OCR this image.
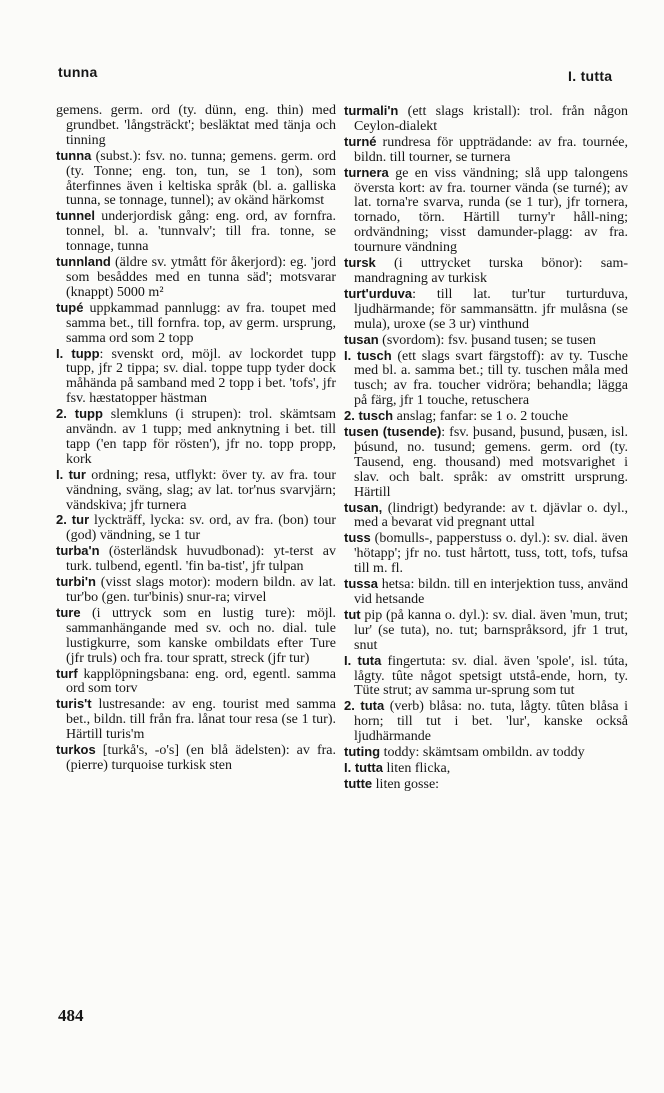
tunna	I. tutta

gemens. germ. ord (ty. dünn, eng. thin) med grundbet. 'långsträckt'; besläktat med tänja och tinning

tunna (subst.): fsv. no. tunna; gemens. germ. ord (ty. Tonne; eng. ton, tun, se 1 ton), som återfinnes även i keltiska språk (bl. a. galliska tunna, se tonnage, tunnel); av okänd härkomst

tunnel underjordisk gång: eng. ord, av fornfra. tonnel, bl. a. 'tunnvalv'; till fra. tonne, se tonnage, tunna

tunnland (äldre sv. ytmått för åkerjord): eg. 'jord som besåddes med en tunna säd'; motsvarar (knappt) 5000 m²

tupé uppkammad pannlugg: av fra. toupet med samma bet., till fornfra. top, av germ. ursprung, samma ord som 2 topp

I. tupp: svenskt ord, möjl. av lockordet tupp tupp, jfr 2 tippa; sv. dial. toppe tupp tyder dock måhända på samband med 2 topp i bet. 'tofs', jfr fsv. hæstatopper hästman

2. tupp slemkluns (i strupen): trol. skämtsam användn. av 1 tupp; med anknytning i bet. till tapp ('en tapp för rösten'), jfr no. topp propp, kork

I. tur ordning; resa, utflykt: över ty. av fra. tour vändning, sväng, slag; av lat. tor'nus svarvjärn; vändskiva; jfr turnera

2. tur lyckträff, lycka: sv. ord, av fra. (bon) tour (god) vändning, se 1 tur

turba'n (österländsk huvudbonad): yt-terst av turk. tulbend, egentl. 'fin ba-tist', jfr tulpan

turbi'n (visst slags motor): modern bildn. av lat. tur'bo (gen. tur'binis) snur-ra; virvel

ture (i uttryck som en lustig ture): möjl. sammanhängande med sv. och no. dial. tule lustigkurre, som kanske ombildats efter Ture (jfr truls) och fra. tour spratt, streck (jfr tur)

turf kapplöpningsbana: eng. ord, egentl. samma ord som torv

turis't lustresande: av eng. tourist med samma bet., bildn. till från fra. lånat tour resa (se 1 tur). Härtill turis'm

turkos [turkå's, -o's] (en blå ädelsten): av fra. (pierre) turquoise turkisk sten

turmali'n (ett slags kristall): trol. från någon Ceylon-dialekt

turné rundresa för uppträdande: av fra. tournée, bildn. till tourner, se turnera

turnera ge en viss vändning; slå upp talongens översta kort: av fra. tourner vända (se turné); av lat. torna're svarva, runda (se 1 tur), jfr tornera, tornado, törn. Härtill turny'r håll-ning; ordvändning; visst damunder-plagg: av fra. tournure vändning

tursk (i uttrycket turska bönor): sam-mandragning av turkisk

turt'urduva: till lat. tur'tur turturduva, ljudhärmande; för sammansättn. jfr mulåsna (se mula), uroxe (se 3 ur) vinthund

tusan (svordom): fsv. þusand tusen; se tusen

I. tusch (ett slags svart färgstoff): av ty. Tusche med bl. a. samma bet.; till ty. tuschen måla med tusch; av fra. toucher vidröra; behandla; lägga på färg, jfr 1 touche, retuschera

2. tusch anslag; fanfar: se 1 o. 2 touche

tusen (tusende): fsv. þusand, þusund, þusæn, isl. þúsund, no. tusund; gemens. germ. ord (ty. Tausend, eng. thousand) med motsvarighet i slav. och balt. språk: av omstritt ursprung. Härtill

tusan, (lindrigt) bedyrande: av t. djävlar o. dyl., med a bevarat vid pregnant uttal

tuss (bomulls-, papperstuss o. dyl.): sv. dial. även 'hötapp'; jfr no. tust hårtott, tuss, tott, tofs, tufsa till m. fl.

tussa hetsa: bildn. till en interjektion tuss, använd vid hetsande

tut pip (på kanna o. dyl.): sv. dial. även 'mun, trut; lur' (se tuta), no. tut; barnspråksord, jfr 1 trut, snut

I. tuta fingertuta: sv. dial. även 'spole', isl. túta, lågty. tûte något spetsigt utstå-ende, horn, ty. Tüte strut; av samma ur-sprung som tut

2. tuta (verb) blåsa: no. tuta, lågty. tûten blåsa i horn; till tut i bet. 'lur', kanske också ljudhärmande

tuting toddy: skämtsam ombildn. av toddy

I. tutta liten flicka,

tutte liten gosse:

484
